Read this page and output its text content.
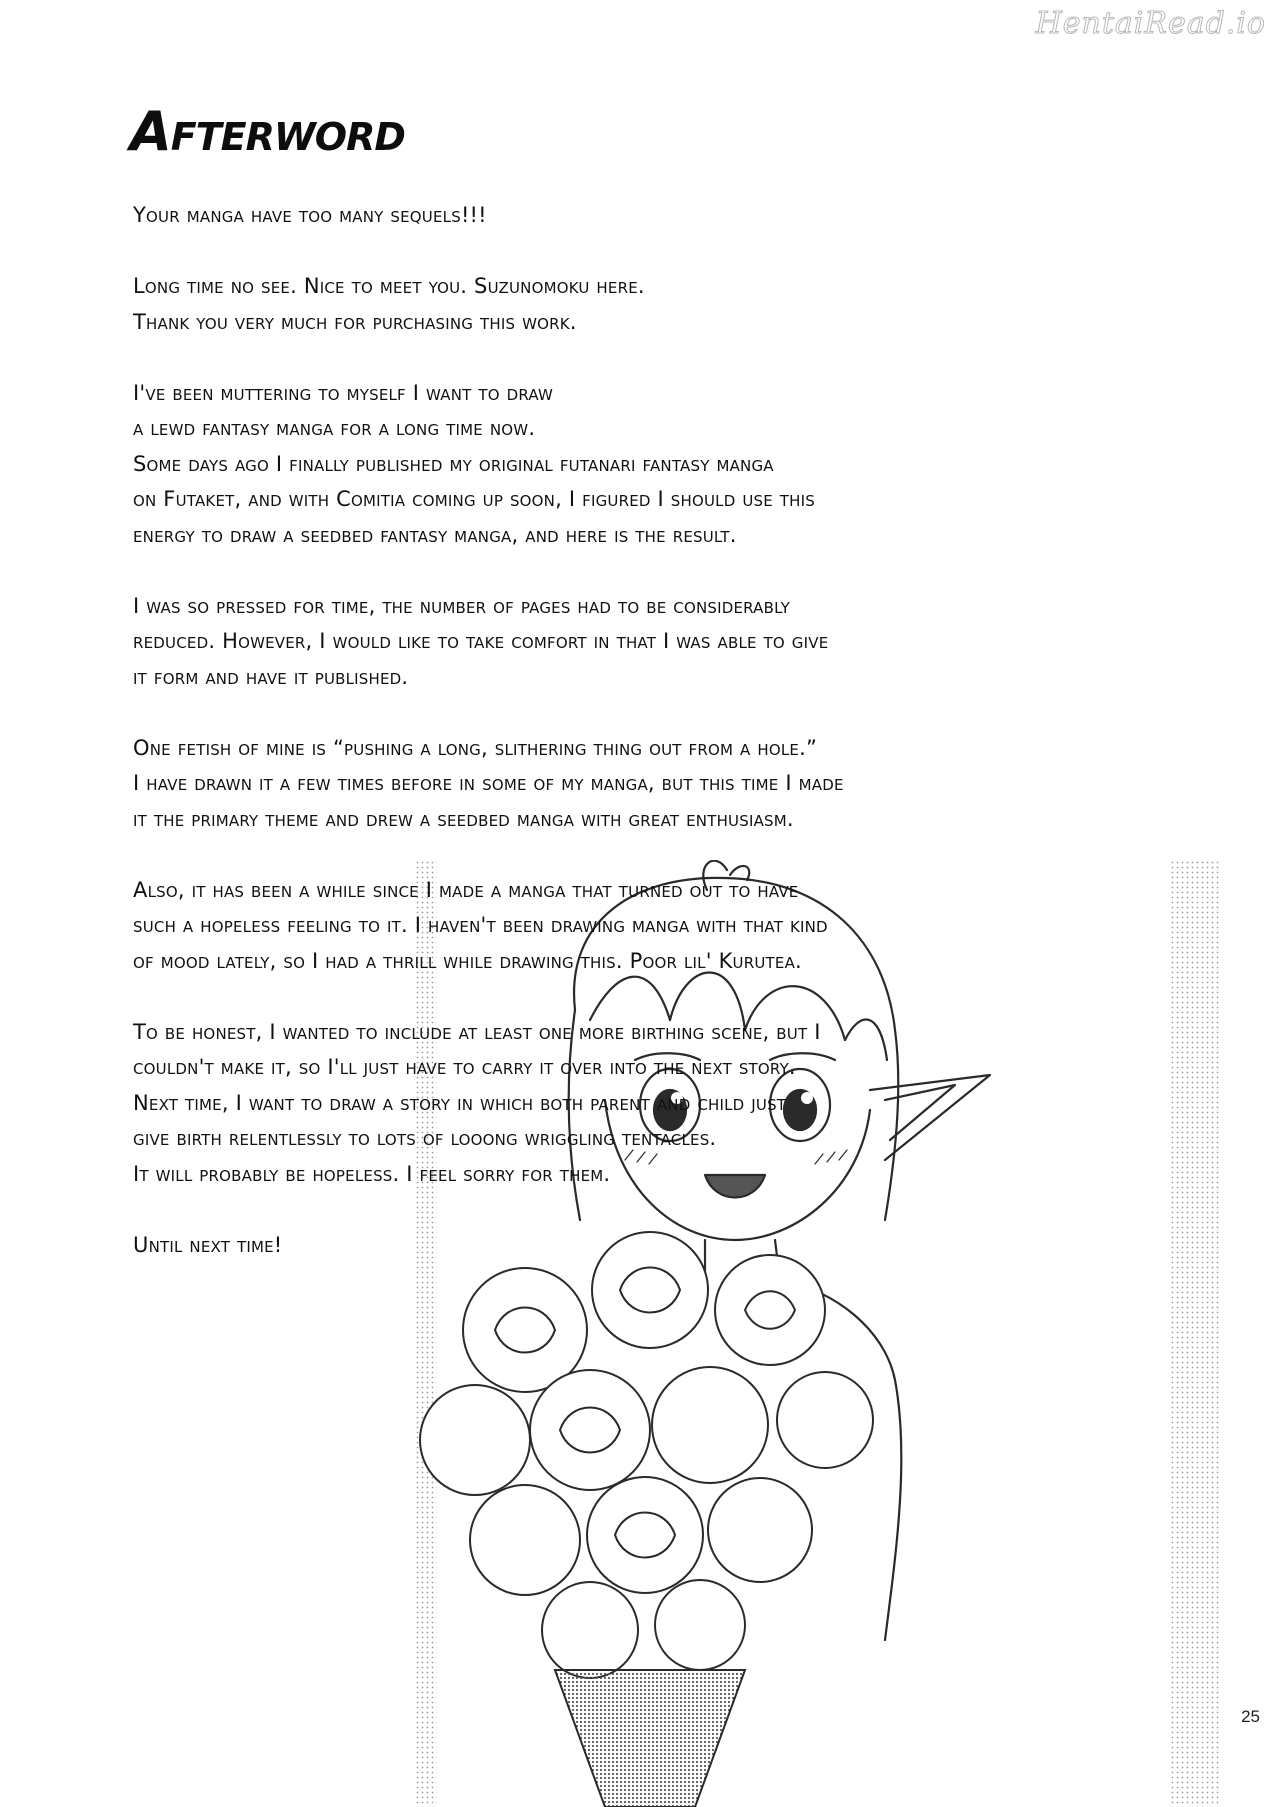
HentaiRead.io
Afterword

Your manga have too many sequels!!!

Long time no see. Nice to meet you. Suzunomoku here.
Thank you very much for purchasing this work.

I've been muttering to myself I want to draw
a lewd fantasy manga for a long time now.
Some days ago I finally published my original futanari fantasy manga
on Futaket, and with Comitia coming up soon, I figured I should use this
energy to draw a seedbed fantasy manga, and here is the result.

I was so pressed for time, the number of pages had to be considerably
reduced. However, I would like to take comfort in that I was able to give
it form and have it published.

One fetish of mine is “pushing a long, slithering thing out from a hole.”
I have drawn it a few times before in some of my manga, but this time I made
it the primary theme and drew a seedbed manga with great enthusiasm.

Also, it has been a while since I made a manga that turned out to have
such a hopeless feeling to it. I haven't been drawing manga with that kind
of mood lately, so I had a thrill while drawing this. Poor lil' Kurutea.

To be honest, I wanted to include at least one more birthing scene, but I
couldn't make it, so I'll just have to carry it over into the next story.
Next time, I want to draw a story in which both parent and child just
give birth relentlessly to lots of looong wriggling tentacles.
It will probably be hopeless. I feel sorry for them.

Until next time!

25
